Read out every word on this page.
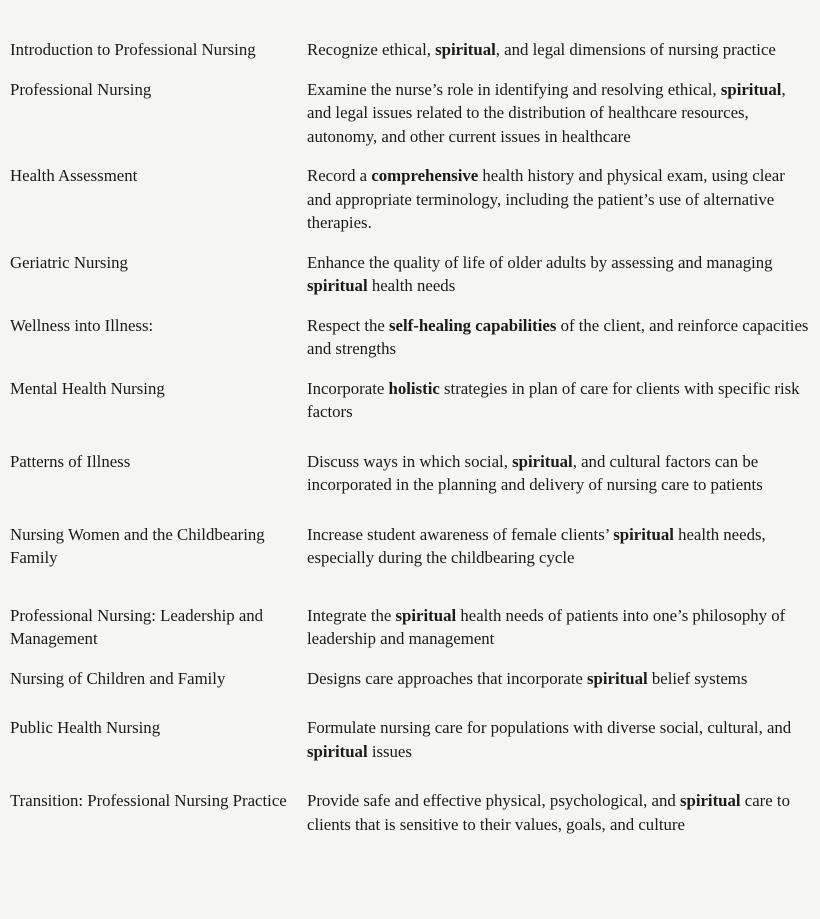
Introduction to Professional Nursing	Recognize ethical, spiritual, and legal dimensions of nursing practice
Professional Nursing	Examine the nurse’s role in identifying and resolving ethical, spiritual, and legal issues related to the distribution of healthcare resources, autonomy, and other current issues in healthcare
Health Assessment	Record a comprehensive health history and physical exam, using clear and appropriate terminology, including the patient’s use of alternative therapies.
Geriatric Nursing	Enhance the quality of life of older adults by assessing and managing spiritual health needs
Wellness into Illness:	Respect the self-healing capabilities of the client, and reinforce capacities and strengths
Mental Health Nursing	Incorporate holistic strategies in plan of care for clients with specific risk factors
Patterns of Illness	Discuss ways in which social, spiritual, and cultural factors can be incorporated in the planning and delivery of nursing care to patients
Nursing Women and the Childbearing Family	Increase student awareness of female clients’ spiritual health needs, especially during the childbearing cycle
Professional Nursing: Leadership and Management	Integrate the spiritual health needs of patients into one’s philosophy of leadership and management
Nursing of Children and Family	Designs care approaches that incorporate spiritual belief systems
Public Health Nursing	Formulate nursing care for populations with diverse social, cultural, and spiritual issues
Transition: Professional Nursing Practice	Provide safe and effective physical, psychological, and spiritual care to clients that is sensitive to their values, goals, and culture
